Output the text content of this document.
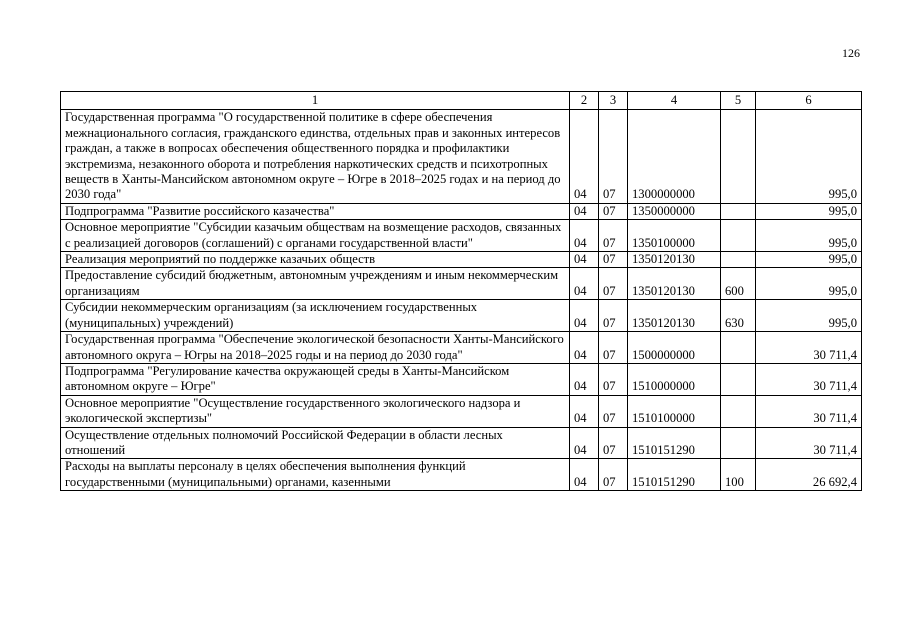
126
1	2	3	4	5	6
Государственная программа "О государственной политике в сфере обеспечения межнационального согласия, гражданского единства, отдельных прав и законных интересов граждан, а также в вопросах обеспечения общественного порядка и профилактики экстремизма, незаконного оборота и потребления наркотических средств и психотропных веществ в Ханты-Мансийском автономном округе – Югре в 2018–2025 годах и на период до 2030 года"	04	07	1300000000		995,0
Подпрограмма "Развитие российского казачества"	04	07	1350000000		995,0
Основное мероприятие "Субсидии казачьим обществам на возмещение расходов, связанных с реализацией договоров (соглашений) с органами государственной власти"	04	07	1350100000		995,0
Реализация мероприятий по поддержке казачьих обществ	04	07	1350120130		995,0
Предоставление субсидий бюджетным, автономным учреждениям и иным некоммерческим организациям	04	07	1350120130	600	995,0
Субсидии некоммерческим организациям (за исключением государственных (муниципальных) учреждений)	04	07	1350120130	630	995,0
Государственная программа "Обеспечение экологической безопасности Ханты-Мансийского автономного округа – Югры на 2018–2025 годы и на период до 2030 года"	04	07	1500000000		30 711,4
Подпрограмма "Регулирование качества окружающей среды в Ханты-Мансийском автономном округе – Югре"	04	07	1510000000		30 711,4
Основное мероприятие "Осуществление государственного экологического надзора и экологической экспертизы"	04	07	1510100000		30 711,4
Осуществление отдельных полномочий Российской Федерации в области лесных отношений	04	07	1510151290		30 711,4
Расходы на выплаты персоналу в целях обеспечения выполнения функций государственными (муниципальными) органами, казенными	04	07	1510151290	100	26 692,4
